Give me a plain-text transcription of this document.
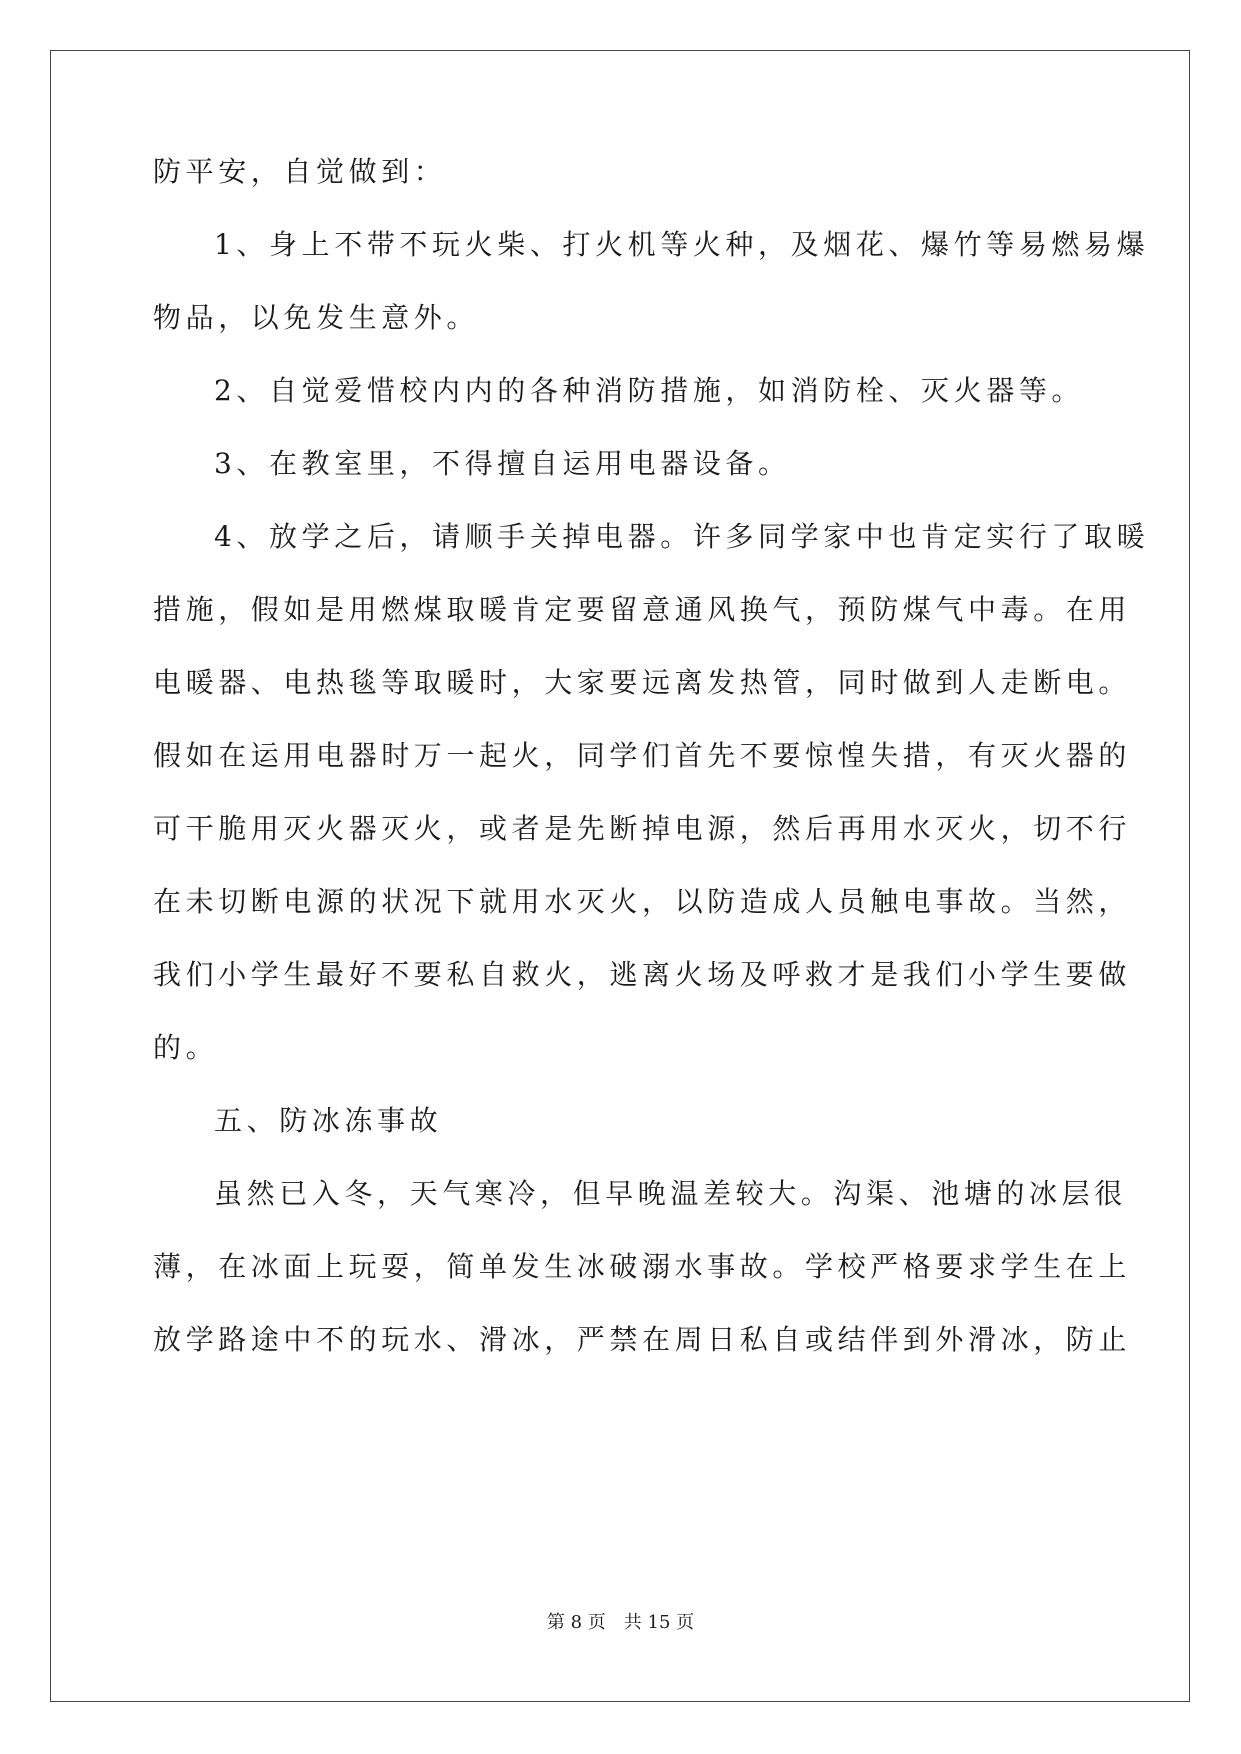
防平安，自觉做到：
1、身上不带不玩火柴、打火机等火种，及烟花、爆竹等易燃易爆
物品，以免发生意外。
2、自觉爱惜校内内的各种消防措施，如消防栓、灭火器等。
3、在教室里，不得擅自运用电器设备。
4、放学之后，请顺手关掉电器。许多同学家中也肯定实行了取暖
措施，假如是用燃煤取暖肯定要留意通风换气，预防煤气中毒。在用
电暖器、电热毯等取暖时，大家要远离发热管，同时做到人走断电。
假如在运用电器时万一起火，同学们首先不要惊惶失措，有灭火器的
可干脆用灭火器灭火，或者是先断掉电源，然后再用水灭火，切不行
在未切断电源的状况下就用水灭火，以防造成人员触电事故。当然，
我们小学生最好不要私自救火，逃离火场及呼救才是我们小学生要做
的。
五、防冰冻事故
虽然已入冬，天气寒冷，但早晚温差较大。沟渠、池塘的冰层很
薄，在冰面上玩耍，简单发生冰破溺水事故。学校严格要求学生在上
放学路途中不的玩水、滑冰，严禁在周日私自或结伴到外滑冰，防止
第 8 页　共 15 页
